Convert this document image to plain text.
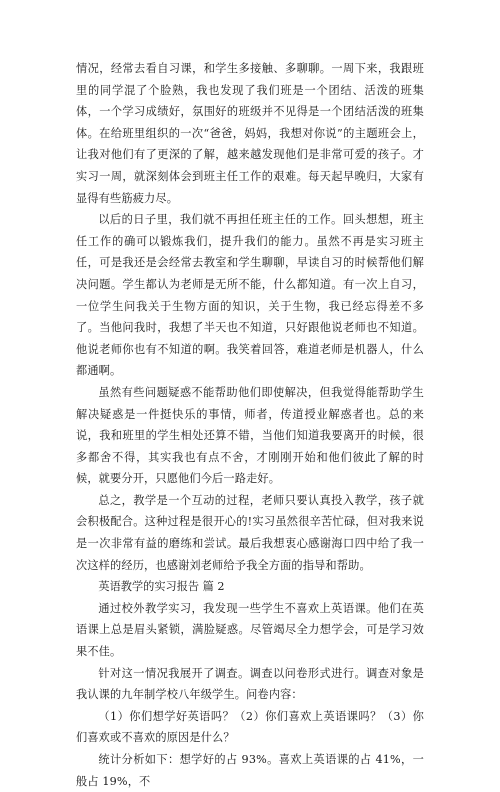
情况，经常去看自习课，和学生多接触、多聊聊。一周下来，我跟班里的同学混了个脸熟，我也发现了我们班是一个团结、活泼的班集体，一个学习成绩好，氛围好的班级并不见得是一个团结活泼的班集体。在给班里组织的一次“爸爸，妈妈，我想对你说”的主题班会上，让我对他们有了更深的了解，越来越发现他们是非常可爱的孩子。才实习一周，就深刻体会到班主任工作的艰难。每天起早晚归，大家有显得有些筋疲力尽。

以后的日子里，我们就不再担任班主任的工作。回头想想，班主任工作的确可以锻炼我们，提升我们的能力。虽然不再是实习班主任，可是我还是会经常去教室和学生聊聊，早读自习的时候帮他们解决问题。学生都认为老师是无所不能，什么都知道。有一次上自习，一位学生问我关于生物方面的知识，关于生物，我已经忘得差不多了。当他问我时，我想了半天也不知道，只好跟他说老师也不知道。他说老师你也有不知道的啊。我笑着回答，难道老师是机器人，什么都通啊。

虽然有些问题疑惑不能帮助他们即使解决，但我觉得能帮助学生解决疑惑是一件挺快乐的事情，师者，传道授业解惑者也。总的来说，我和班里的学生相处还算不错，当他们知道我要离开的时候，很多都舍不得，其实我也有点不舍，才刚刚开始和他们彼此了解的时候，就要分开，只愿他们今后一路走好。

总之，教学是一个互动的过程，老师只要认真投入教学，孩子就会积极配合。这种过程是很开心的!实习虽然很辛苦忙碌，但对我来说是一次非常有益的磨练和尝试。最后我想衷心感谢海口四中给了我一次这样的经历，也感谢刘老师给予我全方面的指导和帮助。

英语教学的实习报告 篇 2

通过校外教学实习，我发现一些学生不喜欢上英语课。他们在英语课上总是眉头紧锁，满脸疑惑。尽管竭尽全力想学会，可是学习效果不佳。

针对这一情况我展开了调查。调查以问卷形式进行。调查对象是我认课的九年制学校八年级学生。问卷内容：

（1）你们想学好英语吗？（2）你们喜欢上英语课吗？（3）你们喜欢或不喜欢的原因是什么？

统计分析如下：想学好的占 93%。喜欢上英语课的占 41%，一般占 19%，不
